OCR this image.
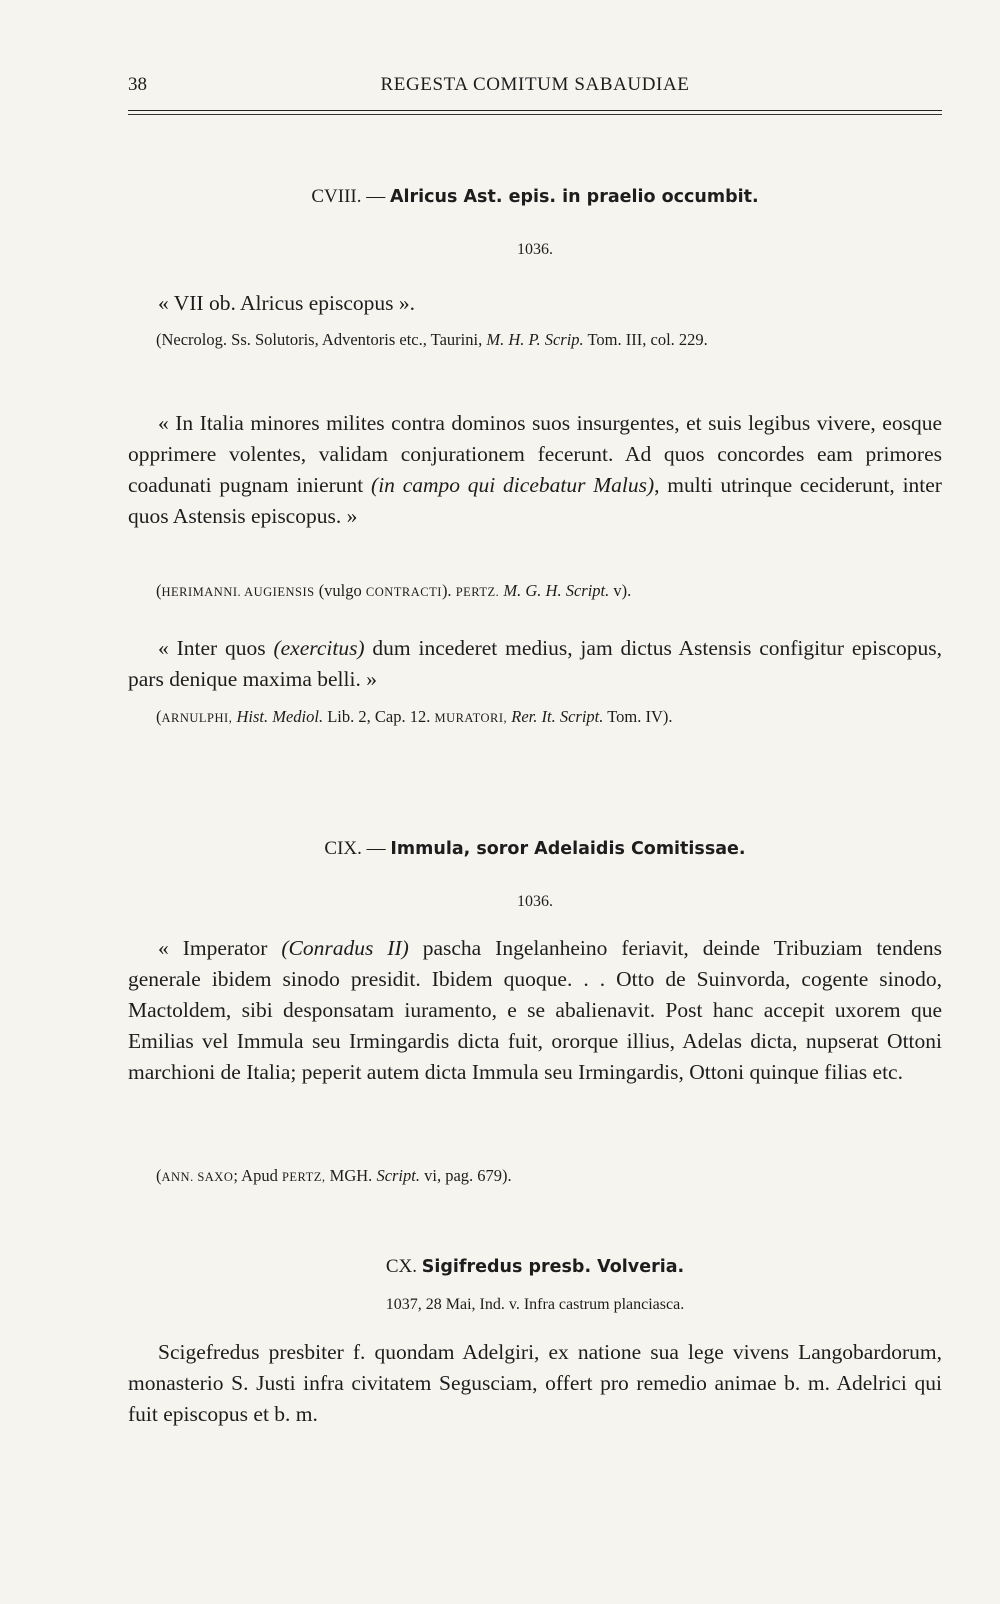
38	REGESTA COMITUM SABAUDIAE
CVIII. — Alricus Ast. epis. in praelio occumbit.
1036.
« VII ob. Alricus episcopus ».
(Necrolog. Ss. Solutoris, Adventoris etc., Taurini, M. H. P. Scrip. Tom. III, col. 229.
« In Italia minores milites contra dominos suos insurgentes, et suis legibus vivere, eosque opprimere volentes, validam conjurationem fecerunt. Ad quos concordes eam primores coadunati pugnam inierunt (in campo qui dicebatur Malus), multi utrinque ceciderunt, inter quos Astensis episcopus. »
(HERIMANNI. AUGIENSIS (vulgo CONTRACTI). PERTZ. M. G. H. Script. v).
« Inter quos (exercitus) dum incederet medius, jam dictus Astensis configitur episcopus, pars denique maxima belli. »
(ARNULPHI, Hist. Mediol. Lib. 2, Cap. 12. MURATORI, Rer. It. Script. Tom. IV).
CIX. — Immula, soror Adelaidis Comitissae.
1036.
« Imperator (Conradus II) pascha Ingelanheino feriavit, deinde Tribuziam tendens generale ibidem sinodo presidit. Ibidem quoque. . . Otto de Suinvorda, cogente sinodo, Mactoldem, sibi desponsatam iuramento, e se abalienavit. Post hanc accepit uxorem que Emilias vel Immula seu Irmingardis dicta fuit, ororque illius, Adelas dicta, nupserat Ottoni marchioni de Italia; peperit autem dicta Immula seu Irmingardis, Ottoni quinque filias etc.
(ANN. SAXO; Apud PERTZ, MGH. Script. vi, pag. 679).
CX. Sigifredus presb. Volveria.
1037, 28 Mai, Ind. v. Infra castrum planciasca.
Scigefredus presbiter f. quondam Adelgiri, ex natione sua lege vivens Langobardorum, monasterio S. Justi infra civitatem Segusciam, offert pro remedio animae b. m. Adelrici qui fuit episcopus et b. m.
